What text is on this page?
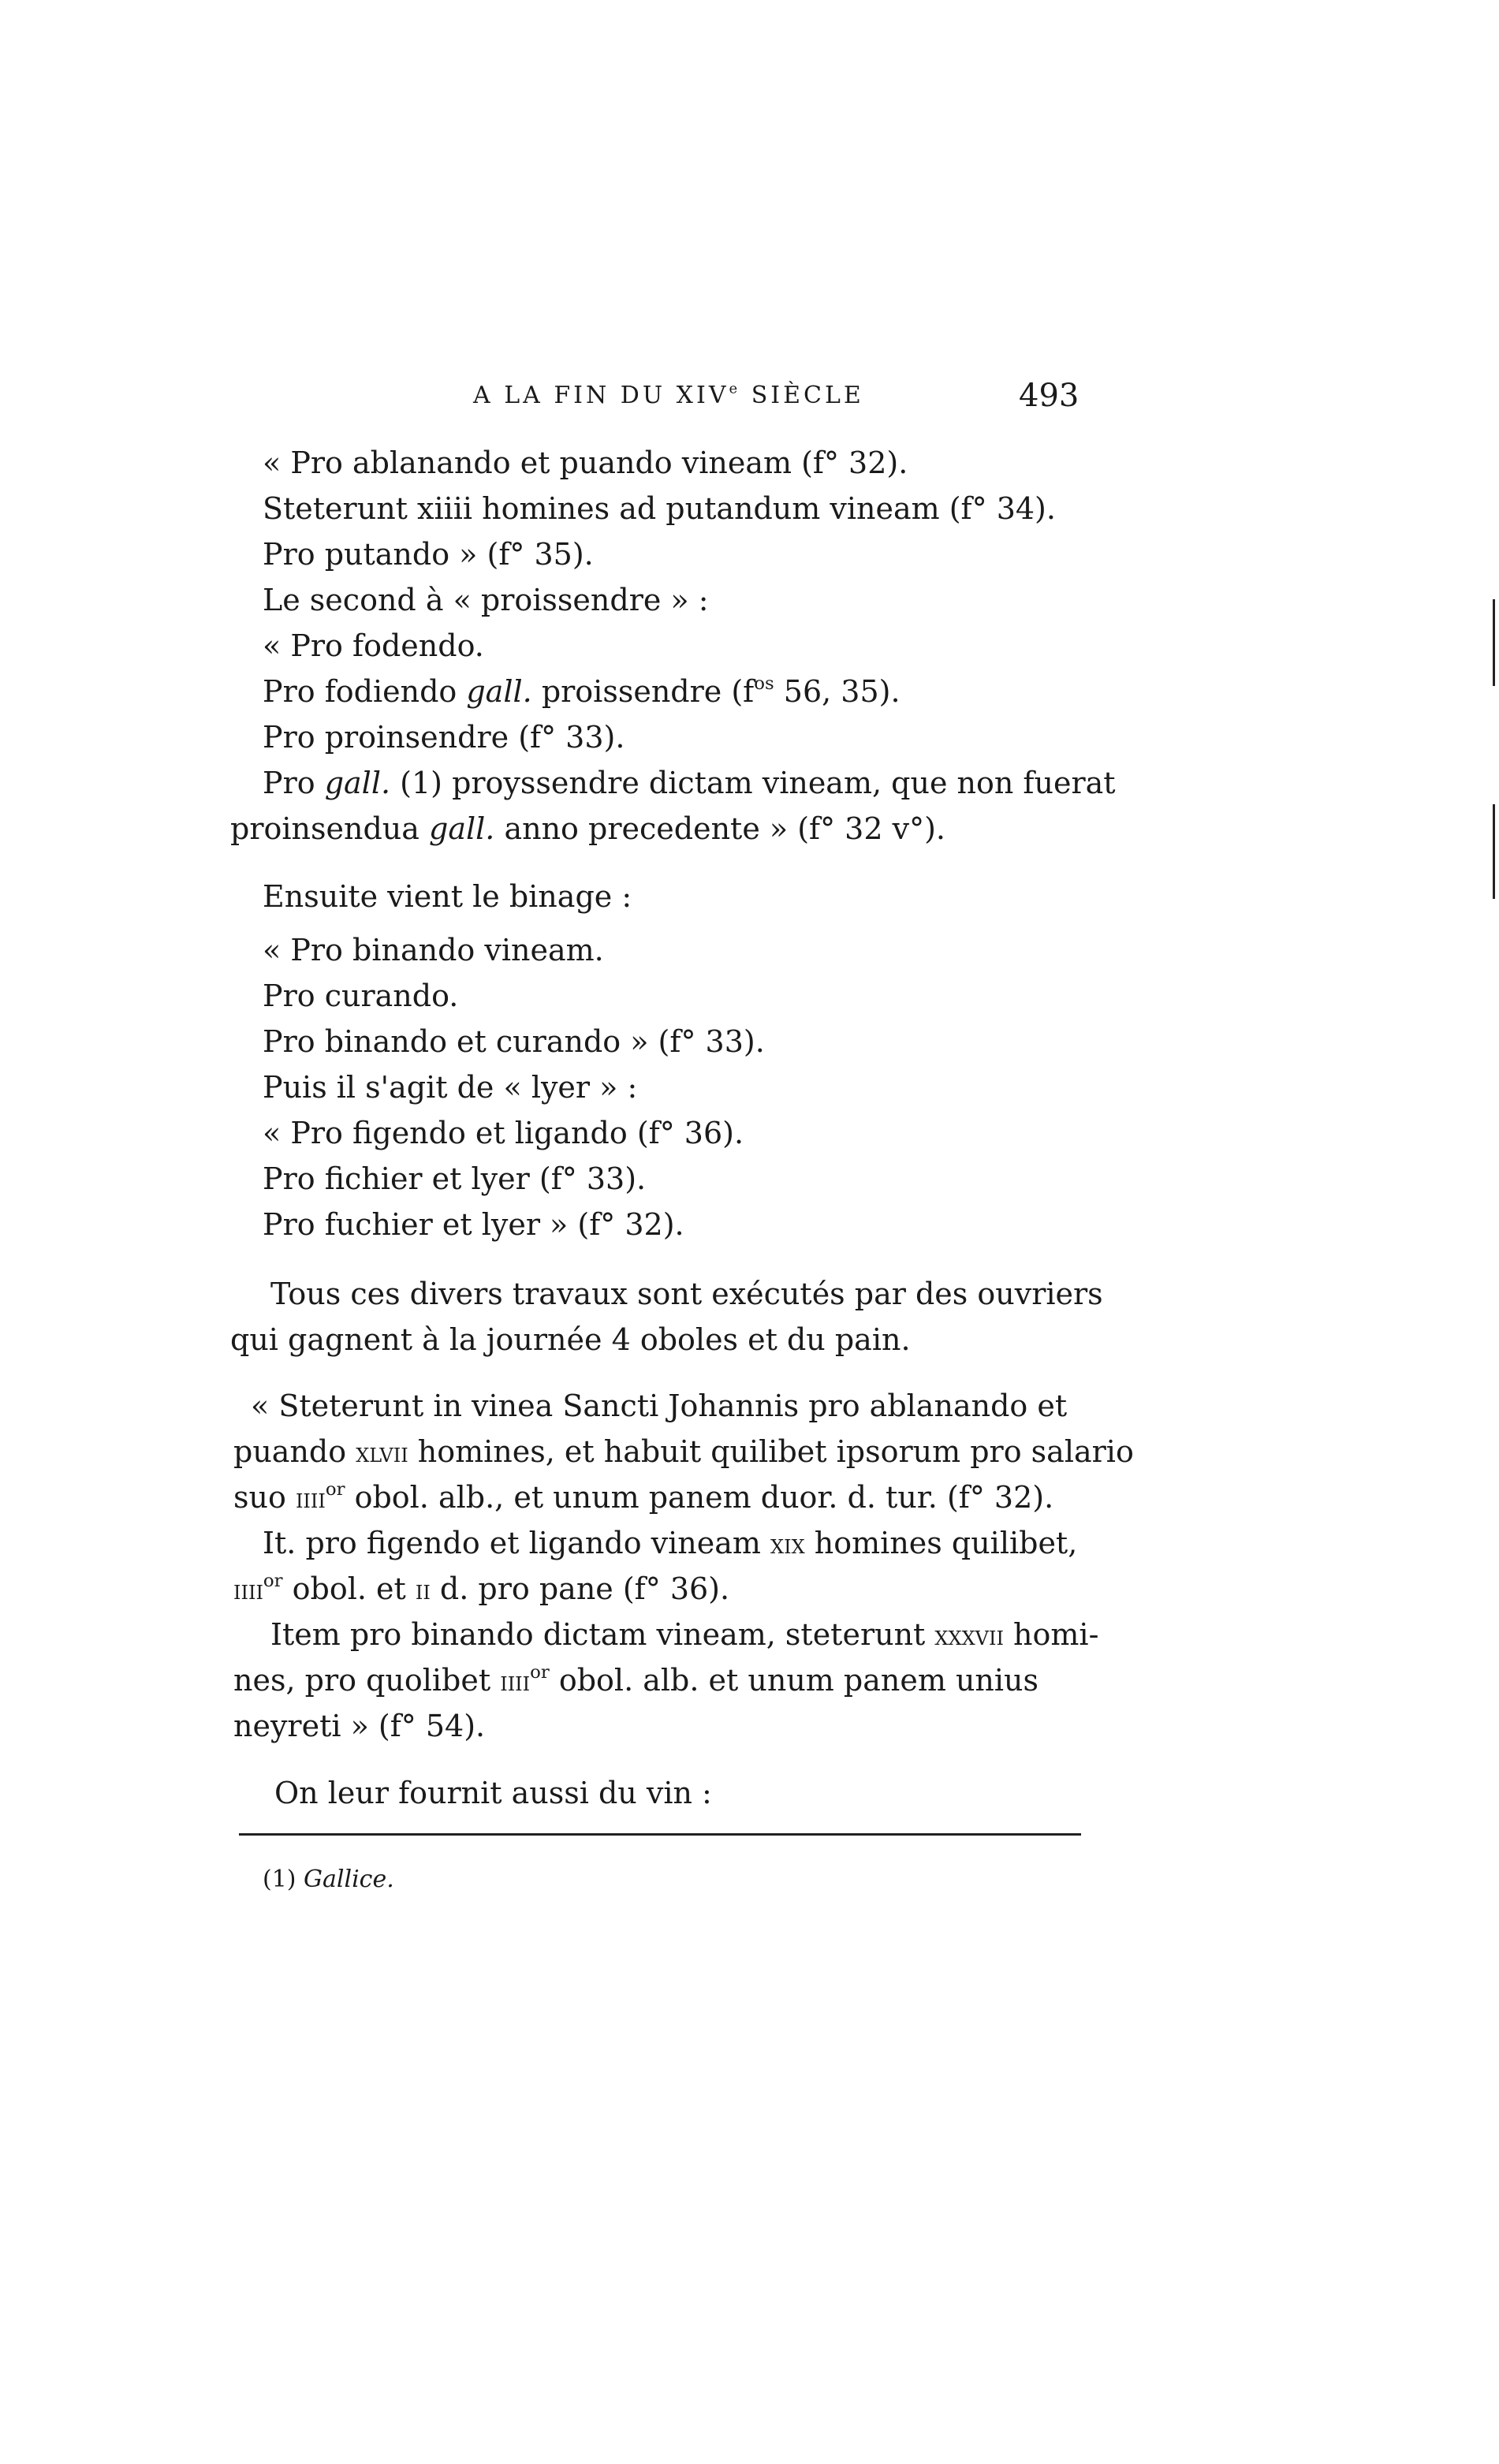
A LA FIN DU XIVe SIÈCLE	493
« Pro ablanando et puando vineam (f° 32).
Steterunt xiiii homines ad putandum vineam (f° 34).
Pro putando » (f° 35).
Le second à « proissendre » :
« Pro fodendo.
Pro fodiendo gall. proissendre ($f^{os}$ 56, 35).
Pro proinsendre (f° 33).
Pro gall. (1) proyssendre dictam vineam, que non fuerat
proinsendua gall. anno precedente » (f° 32 v°).
Ensuite vient le binage :
« Pro binando vineam.
Pro curando.
Pro binando et curando » (f° 33).
Puis il s'agit de « lyer » :
« Pro figendo et ligando (f° 36).
Pro fichier et lyer (f° 33).
Pro fuchier et lyer » (f° 32).
Tous ces divers travaux sont exécutés par des ouvriers
qui gagnent à la journée 4 oboles et du pain.
« Steterunt in vinea Sancti Johannis pro ablanando et
puando xlvii homines, et habuit quilibet ipsorum pro salario
suo iiii$^{or}$ obol. alb., et unum panem duor. d. tur. (f° 32).
It. pro figendo et ligando vineam xix homines quilibet,
iiii$^{or}$ obol. et ii d. pro pane (f° 36).
Item pro binando dictam vineam, steterunt xxxvii homi-
nes, pro quolibet iiii$^{or}$ obol. alb. et unum panem unius
neyreti » (f° 54).
On leur fournit aussi du vin :
(1) Gallice.
